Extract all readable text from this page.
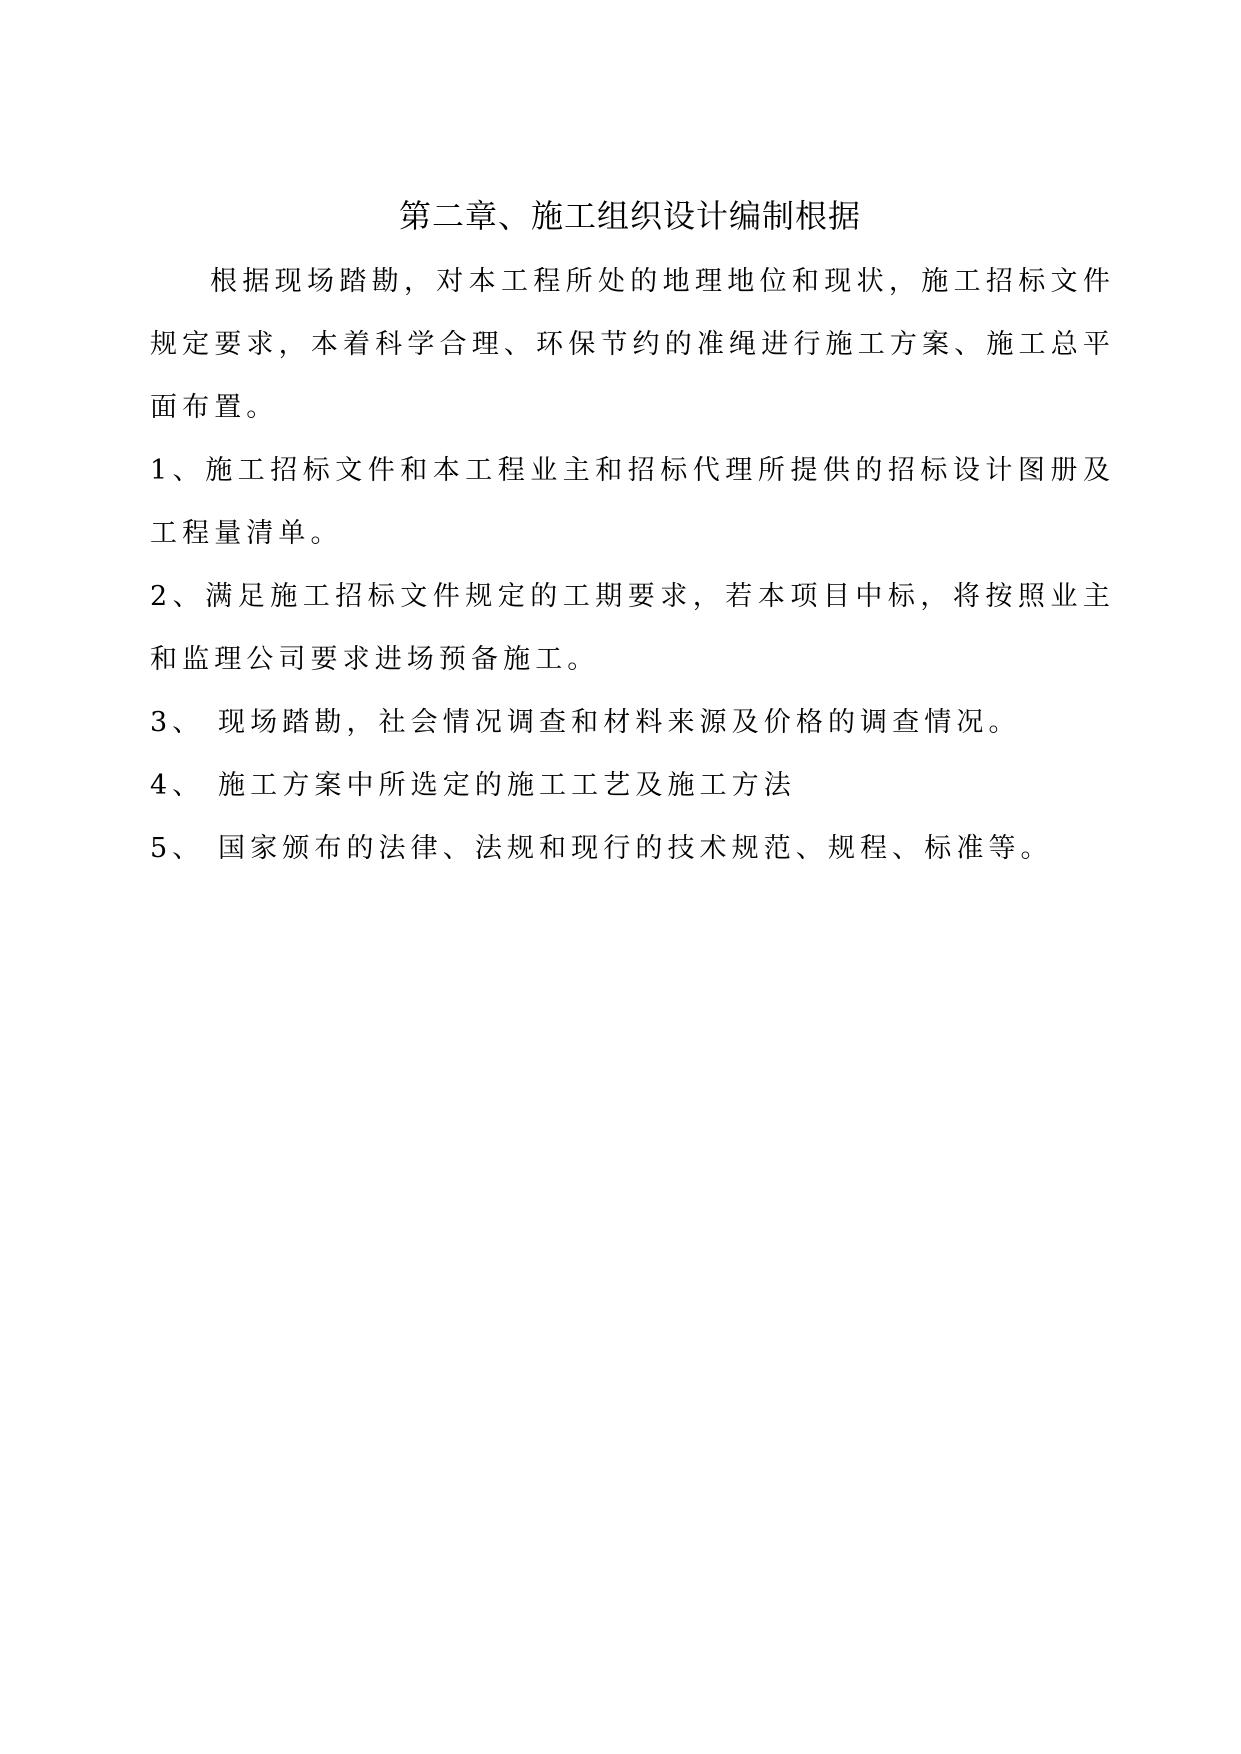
第二章、施工组织设计编制根据

根据现场踏勘，对本工程所处的地理地位和现状，施工招标文件规定要求，本着科学合理、环保节约的准绳进行施工方案、施工总平面布置。

1、施工招标文件和本工程业主和招标代理所提供的招标设计图册及工程量清单。

2、满足施工招标文件规定的工期要求，若本项目中标，将按照业主和监理公司要求进场预备施工。

3、 现场踏勘，社会情况调查和材料来源及价格的调查情况。

4、 施工方案中所选定的施工工艺及施工方法

5、 国家颁布的法律、法规和现行的技术规范、规程、标准等。
